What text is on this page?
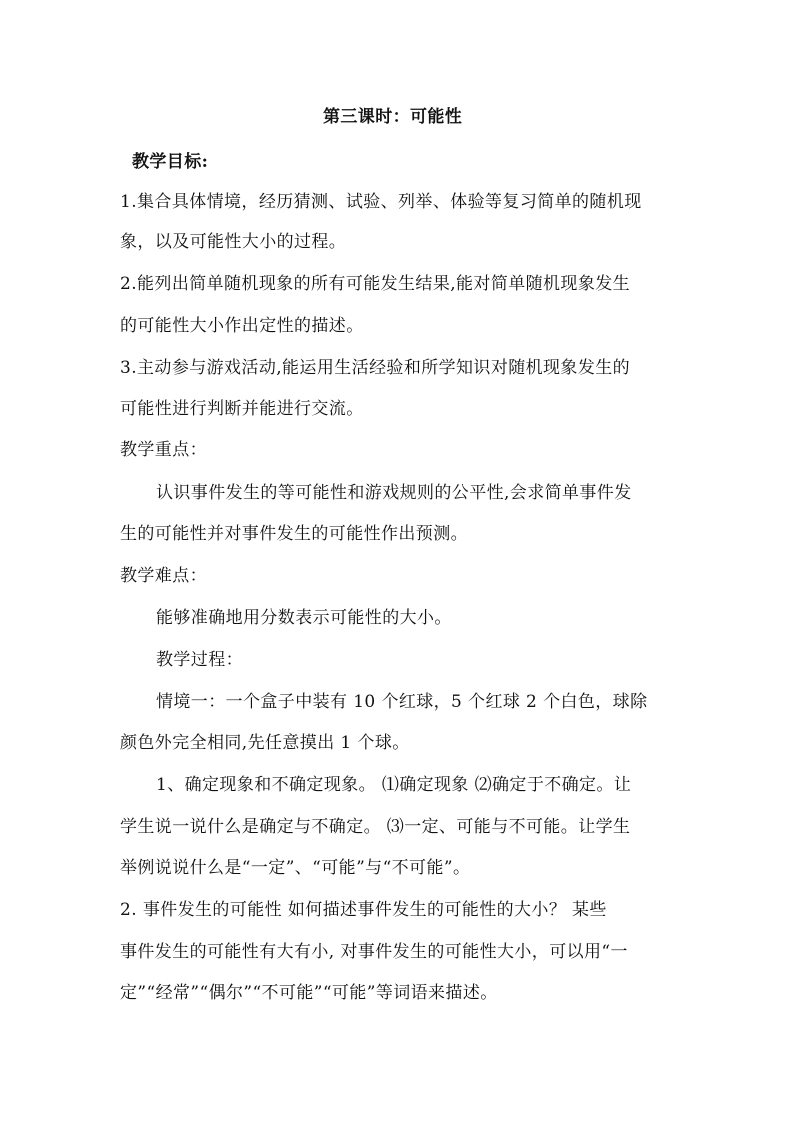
第三课时：可能性
教学目标:
1.集合具体情境，经历猜测、试验、列举、体验等复习简单的随机现
象，以及可能性大小的过程。
2.能列出简单随机现象的所有可能发生结果,能对简单随机现象发生
的可能性大小作出定性的描述。
3.主动参与游戏活动,能运用生活经验和所学知识对随机现象发生的
可能性进行判断并能进行交流。
教学重点：
认识事件发生的等可能性和游戏规则的公平性,会求简单事件发
生的可能性并对事件发生的可能性作出预测。
教学难点：
能够准确地用分数表示可能性的大小。
教学过程：
情境一：一个盒子中装有 10 个红球，5 个红球 2 个白色，球除
颜色外完全相同,先任意摸出 1 个球。
1、确定现象和不确定现象。 ⑴确定现象 ⑵确定于不确定。让
学生说一说什么是确定与不确定。 ⑶一定、可能与不可能。让学生
举例说说什么是“一定”、“可能”与“不可能”。
2. 事件发生的可能性 如何描述事件发生的可能性的大小？ 某些
事件发生的可能性有大有小, 对事件发生的可能性大小，可以用“一
定”“经常”“偶尔”“不可能”“可能”等词语来描述。
